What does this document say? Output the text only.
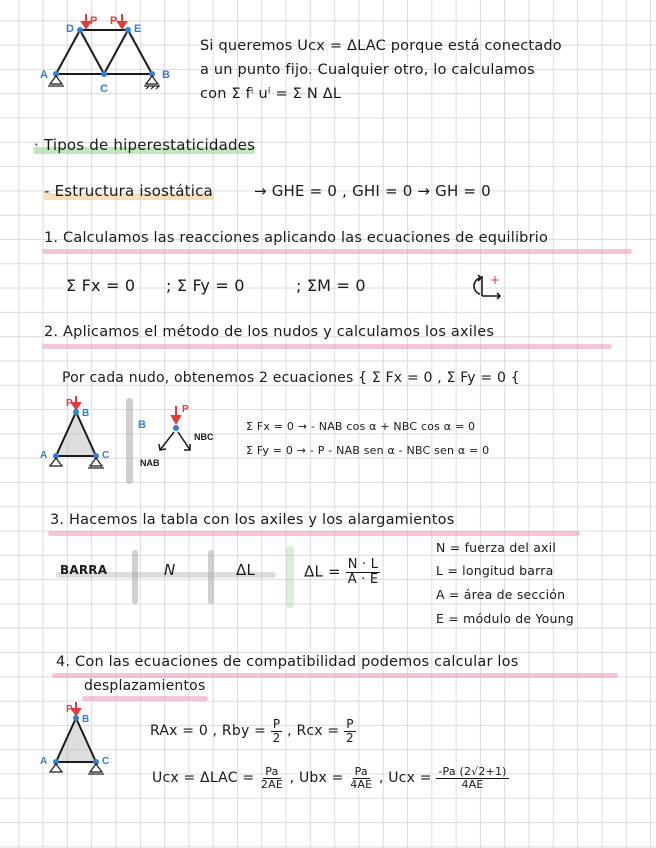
D
P P
E
A
C
B
Si queremos Ucx = ΔLAC porque está conectado
a un punto fijo. Cualquier otro, lo calculamos
con Σ fⁱ uⁱ = Σ N ΔL
· Tipos de hiperestaticidades
- Estructura isostática	→ GHE = 0 , GHI = 0 → GH = 0
1. Calculamos las reacciones aplicando las ecuaciones de equilibrio
Σ Fx = 0 ; Σ Fy = 0	; ΣM = 0	+
2. Aplicamos el método de los nudos y calculamos los axiles
Por cada nudo, obtenemos 2 ecuaciones { Σ Fx = 0 , Σ Fy = 0 {
P
B
A	C
B
P
NBC
NAB
Σ Fx = 0 → - NAB cos α + NBC cos α = 0
Σ Fy = 0 → - P - NAB sen α - NBC sen α = 0
3. Hacemos la tabla con los axiles y los alargamientos
BARRA	N	ΔL	$\Delta L = \frac{N \cdot L}{A \cdot E}$
N = fuerza del axil
L = longitud barra
A = área de sección
E = módulo de Young
4. Con las ecuaciones de compatibilidad podemos calcular los
desplazamientos
P
B
A	C
RAx = 0 , Rby = $\frac{P}{2}$ , Rcx = $\frac{P}{2}$
Ucx = $\Delta LAC = \frac{Pa}{2AE}$ , Ubx = $\frac{Pa}{4AE}$ , Ucx = $\frac{-Pa (2√2+1)}{4AE}$
